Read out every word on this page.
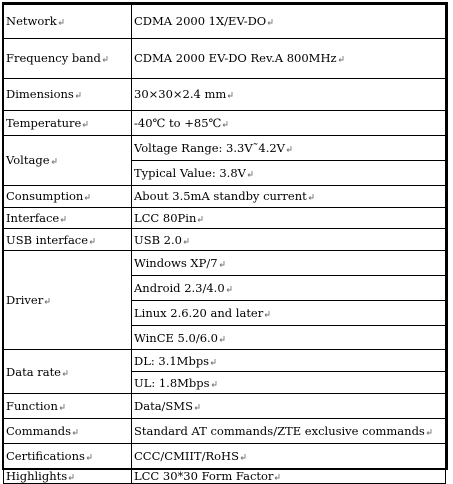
Network	CDMA 2000 1X/EV-DO

Frequency band	CDMA 2000 EV-DO Rev.A 800MHz

Dimensions	30×30×2.4 mm

Temperature	-40℃ to +85℃

Voltage	Voltage Range: 3.3V˜4.2V

	Typical Value: 3.8V

Consumption	About 3.5mA standby current

Interface	LCC 80Pin

USB interface	USB 2.0

Driver	Windows XP/7

	Android 2.3/4.0

	Linux 2.6.20 and later

	WinCE 5.0/6.0

Data rate	DL: 3.1Mbps

	UL: 1.8Mbps

Function	Data/SMS

Commands	Standard AT commands/ZTE exclusive commands

Certifications	CCC/CMIIT/RoHS

Highlights	LCC 30*30 Form Factor
